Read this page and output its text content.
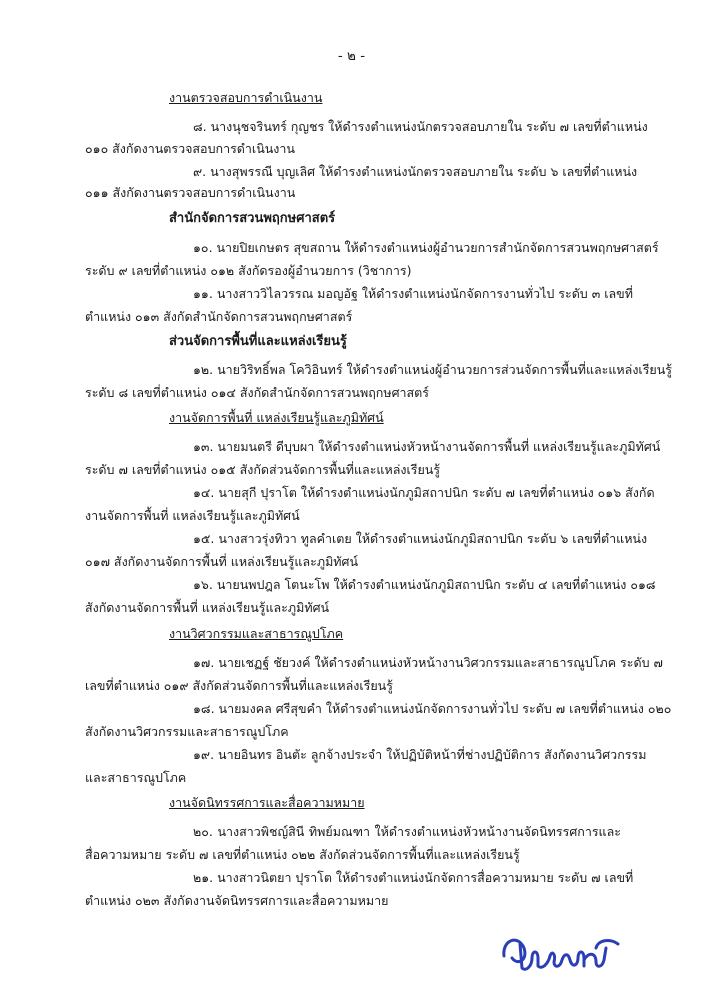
- ๒ -
งานตรวจสอบการดำเนินงาน
๘. นางนุชจรินทร์ กุญชร ให้ดำรงตำแหน่งนักตรวจสอบภายใน ระดับ ๗ เลขที่ตำแหน่ง
๐๑๐ สังกัดงานตรวจสอบการดำเนินงาน
๙. นางสุพรรณี บุญเลิศ ให้ดำรงตำแหน่งนักตรวจสอบภายใน ระดับ ๖ เลขที่ตำแหน่ง
๐๑๑ สังกัดงานตรวจสอบการดำเนินงาน
สำนักจัดการสวนพฤกษศาสตร์
๑๐. นายปิยเกษตร สุขสถาน ให้ดำรงตำแหน่งผู้อำนวยการสำนักจัดการสวนพฤกษศาสตร์
ระดับ ๙ เลขที่ตำแหน่ง ๐๑๒ สังกัดรองผู้อำนวยการ (วิชาการ)
๑๑. นางสาววิไลวรรณ มอญอัฐ ให้ดำรงตำแหน่งนักจัดการงานทั่วไป ระดับ ๓ เลขที่
ตำแหน่ง ๐๑๓ สังกัดสำนักจัดการสวนพฤกษศาสตร์
ส่วนจัดการพื้นที่และแหล่งเรียนรู้
๑๒. นายวิริทธิ์พล โควิอินทร์ ให้ดำรงตำแหน่งผู้อำนวยการส่วนจัดการพื้นที่และแหล่งเรียนรู้
ระดับ ๘ เลขที่ตำแหน่ง ๐๑๔ สังกัดสำนักจัดการสวนพฤกษศาสตร์
งานจัดการพื้นที่ แหล่งเรียนรู้และภูมิทัศน์
๑๓. นายมนตรี ดีบุบผา ให้ดำรงตำแหน่งหัวหน้างานจัดการพื้นที่ แหล่งเรียนรู้และภูมิทัศน์
ระดับ ๗ เลขที่ตำแหน่ง ๐๑๕ สังกัดส่วนจัดการพื้นที่และแหล่งเรียนรู้
๑๔. นายสุกี ปุราโต ให้ดำรงตำแหน่งนักภูมิสถาปนิก ระดับ ๗ เลขที่ตำแหน่ง ๐๑๖ สังกัด
งานจัดการพื้นที่ แหล่งเรียนรู้และภูมิทัศน์
๑๕. นางสาวรุ่งทิวา ทูลคำเตย ให้ดำรงตำแหน่งนักภูมิสถาปนิก ระดับ ๖ เลขที่ตำแหน่ง
๐๑๗ สังกัดงานจัดการพื้นที่ แหล่งเรียนรู้และภูมิทัศน์
๑๖. นายนพปฎล โตนะโพ ให้ดำรงตำแหน่งนักภูมิสถาปนิก ระดับ ๔ เลขที่ตำแหน่ง ๐๑๘
สังกัดงานจัดการพื้นที่ แหล่งเรียนรู้และภูมิทัศน์
งานวิศวกรรมและสาธารณูปโภค
๑๗. นายเชฏฐ์ ชัยวงค์ ให้ดำรงตำแหน่งหัวหน้างานวิศวกรรมและสาธารณูปโภค ระดับ ๗
เลขที่ตำแหน่ง ๐๑๙ สังกัดส่วนจัดการพื้นที่และแหล่งเรียนรู้
๑๘. นายมงคล ศรีสุขคำ ให้ดำรงตำแหน่งนักจัดการงานทั่วไป ระดับ ๗ เลขที่ตำแหน่ง ๐๒๐
สังกัดงานวิศวกรรมและสาธารณูปโภค
๑๙. นายอินทร อินตัะ ลูกจ้างประจำ ให้ปฏิบัติหน้าที่ช่างปฏิบัติการ สังกัดงานวิศวกรรม
และสาธารณูปโภค
งานจัดนิทรรศการและสื่อความหมาย
๒๐. นางสาวพิชญ์สินี ทิพย์มณฑา ให้ดำรงตำแหน่งหัวหน้างานจัดนิทรรศการและ
สื่อความหมาย ระดับ ๗ เลขที่ตำแหน่ง ๐๒๒ สังกัดส่วนจัดการพื้นที่และแหล่งเรียนรู้
๒๑. นางสาวนิตยา ปุราโต ให้ดำรงตำแหน่งนักจัดการสื่อความหมาย ระดับ ๗ เลขที่
ตำแหน่ง ๐๒๓ สังกัดงานจัดนิทรรศการและสื่อความหมาย
